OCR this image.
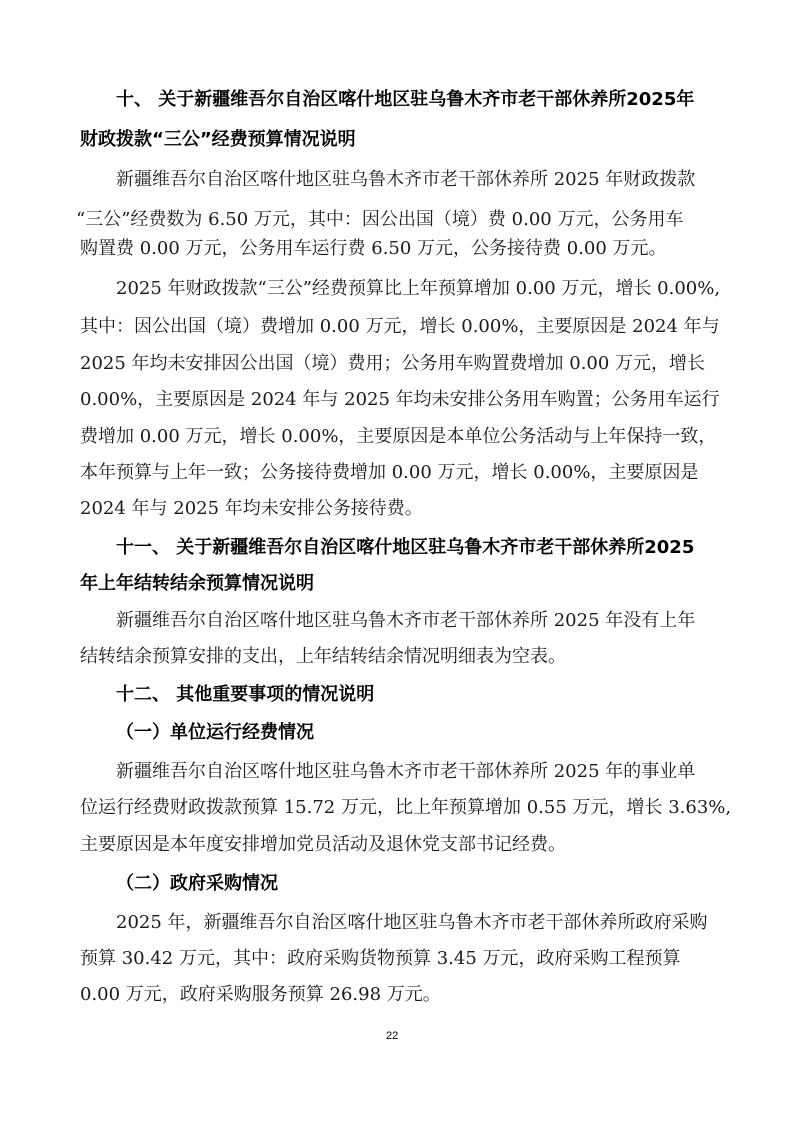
十、 关于新疆维吾尔自治区喀什地区驻乌鲁木齐市老干部休养所2025年
财政拨款“三公”经费预算情况说明
新疆维吾尔自治区喀什地区驻乌鲁木齐市老干部休养所 2025 年财政拨款
“三公”经费数为 6.50 万元，其中：因公出国（境）费 0.00 万元，公务用车
购置费 0.00 万元，公务用车运行费 6.50 万元，公务接待费 0.00 万元。
2025 年财政拨款“三公”经费预算比上年预算增加 0.00 万元，增长 0.00%,
其中：因公出国（境）费增加 0.00 万元，增长 0.00%，主要原因是 2024 年与
2025 年均未安排因公出国（境）费用；公务用车购置费增加 0.00 万元，增长
0.00%，主要原因是 2024 年与 2025 年均未安排公务用车购置；公务用车运行
费增加 0.00 万元，增长 0.00%，主要原因是本单位公务活动与上年保持一致，
本年预算与上年一致；公务接待费增加 0.00 万元，增长 0.00%，主要原因是
2024 年与 2025 年均未安排公务接待费。
十一、 关于新疆维吾尔自治区喀什地区驻乌鲁木齐市老干部休养所2025
年上年结转结余预算情况说明
新疆维吾尔自治区喀什地区驻乌鲁木齐市老干部休养所 2025 年没有上年
结转结余预算安排的支出，上年结转结余情况明细表为空表。
十二、 其他重要事项的情况说明
（一）单位运行经费情况
新疆维吾尔自治区喀什地区驻乌鲁木齐市老干部休养所 2025 年的事业单
位运行经费财政拨款预算 15.72 万元，比上年预算增加 0.55 万元，增长 3.63%,
主要原因是本年度安排增加党员活动及退休党支部书记经费。
（二）政府采购情况
2025 年，新疆维吾尔自治区喀什地区驻乌鲁木齐市老干部休养所政府采购
预算 30.42 万元，其中：政府采购货物预算 3.45 万元，政府采购工程预算
0.00 万元，政府采购服务预算 26.98 万元。
22
